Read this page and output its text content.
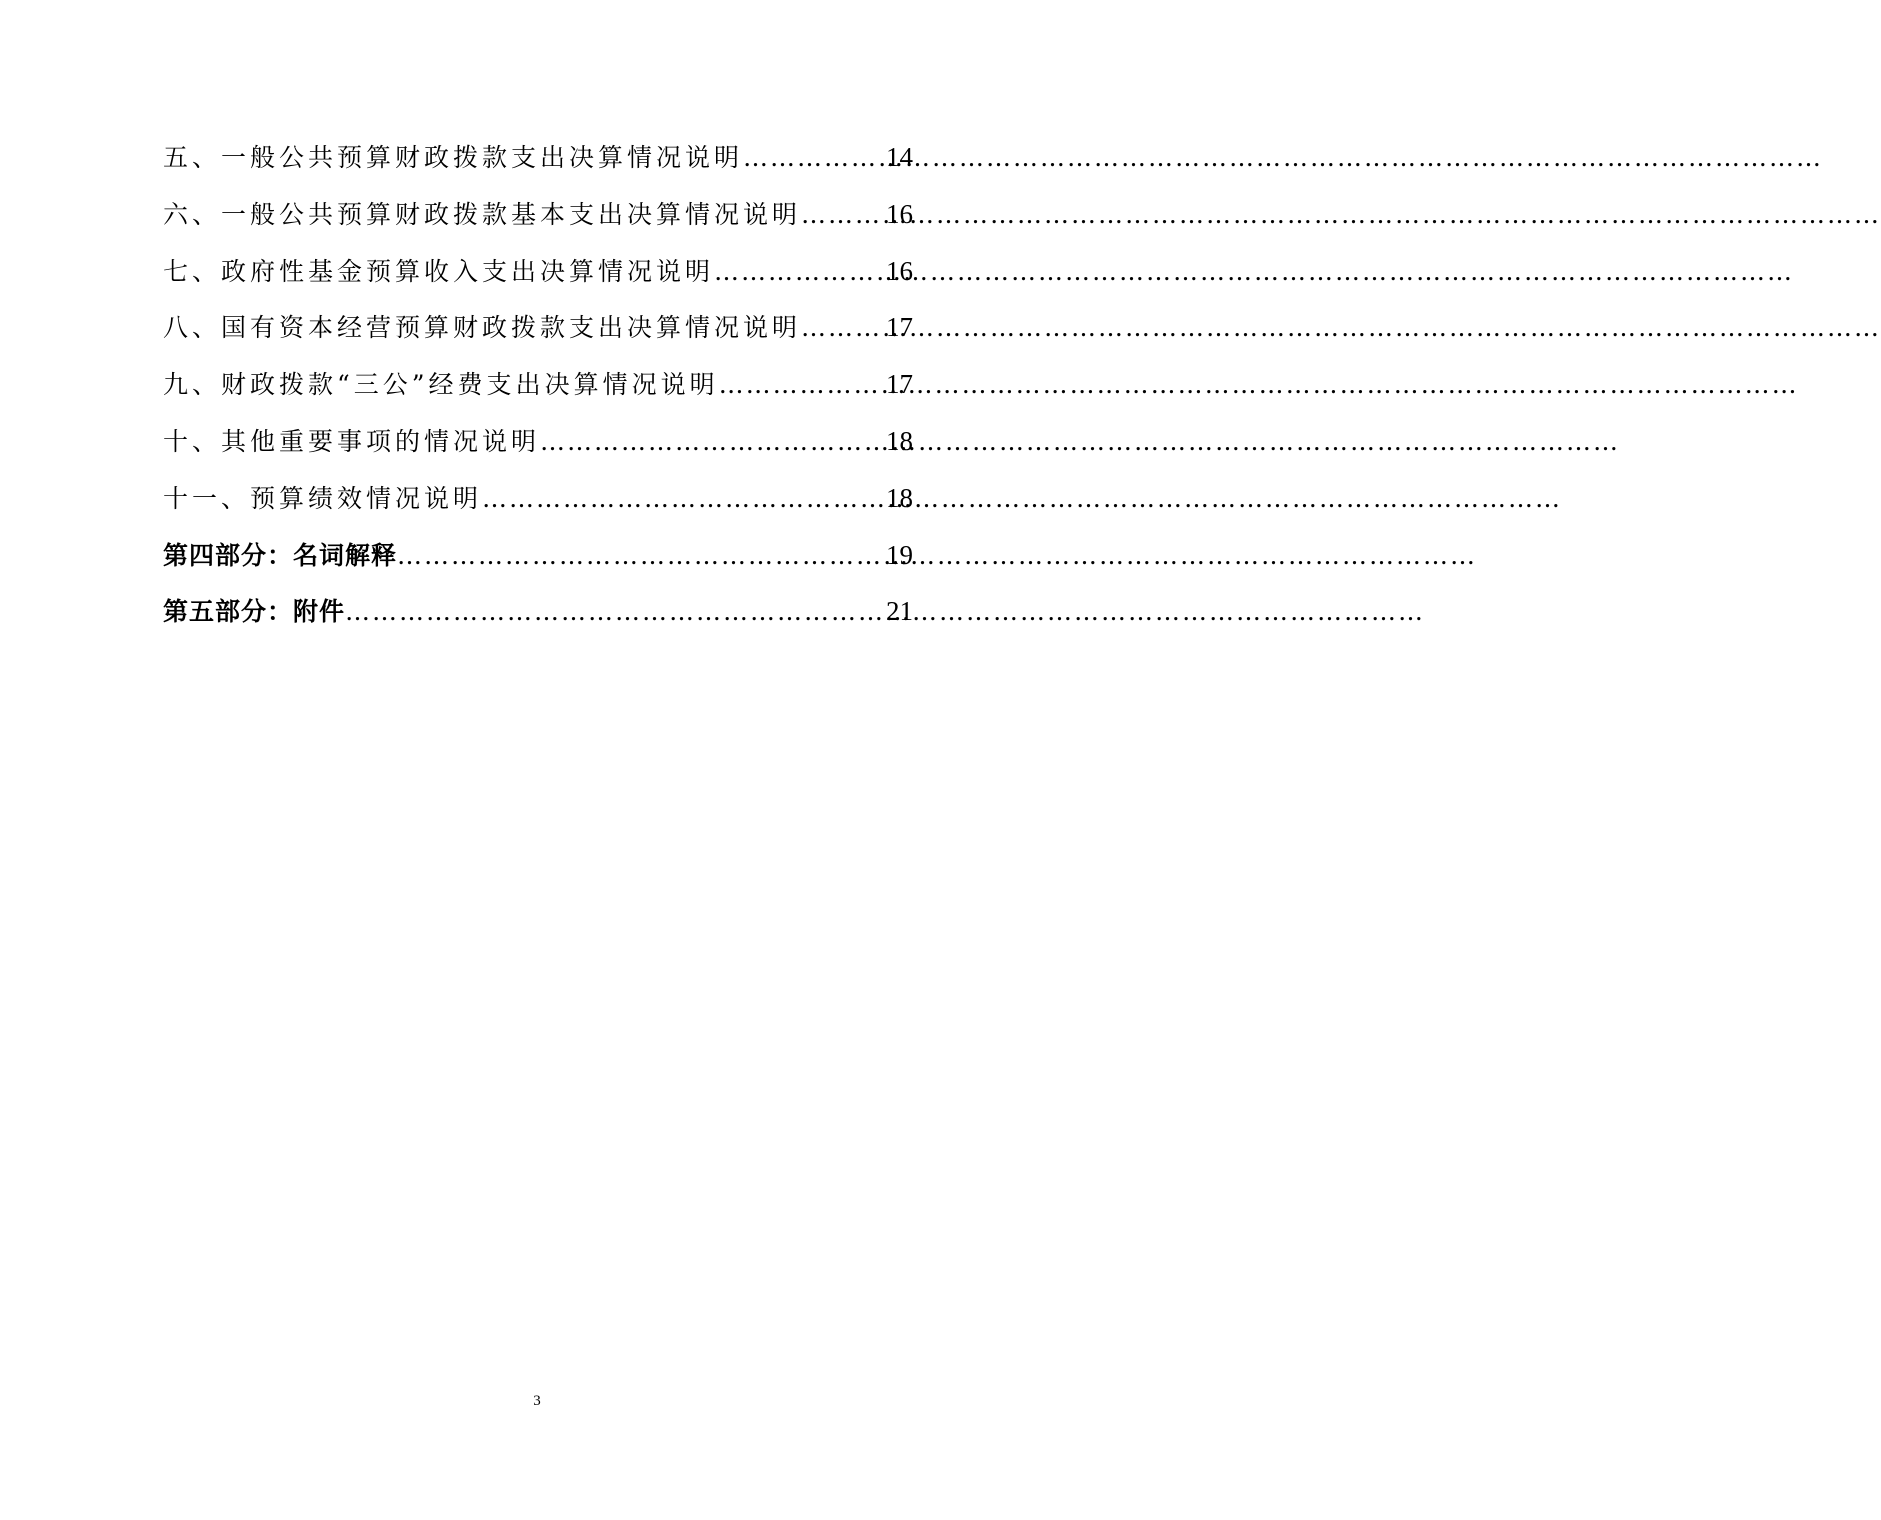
五、一般公共预算财政拨款支出决算情况说明 …………………………………………………………………………………………………………	14
六、一般公共预算财政拨款基本支出决算情况说明 …………………………………………………………………………………………………………	16
七、政府性基金预算收入支出决算情况说明 …………………………………………………………………………………………………………	16
八、国有资本经营预算财政拨款支出决算情况说明 …………………………………………………………………………………………………………	17
九、财政拨款“三公”经费支出决算情况说明 …………………………………………………………………………………………………………	17
十、其他重要事项的情况说明 …………………………………………………………………………………………………………	18
十一、预算绩效情况说明 …………………………………………………………………………………………………………	18
第四部分：名词解释 …………………………………………………………………………………………………………	19
第五部分：附件 …………………………………………………………………………………………………………	21
3
